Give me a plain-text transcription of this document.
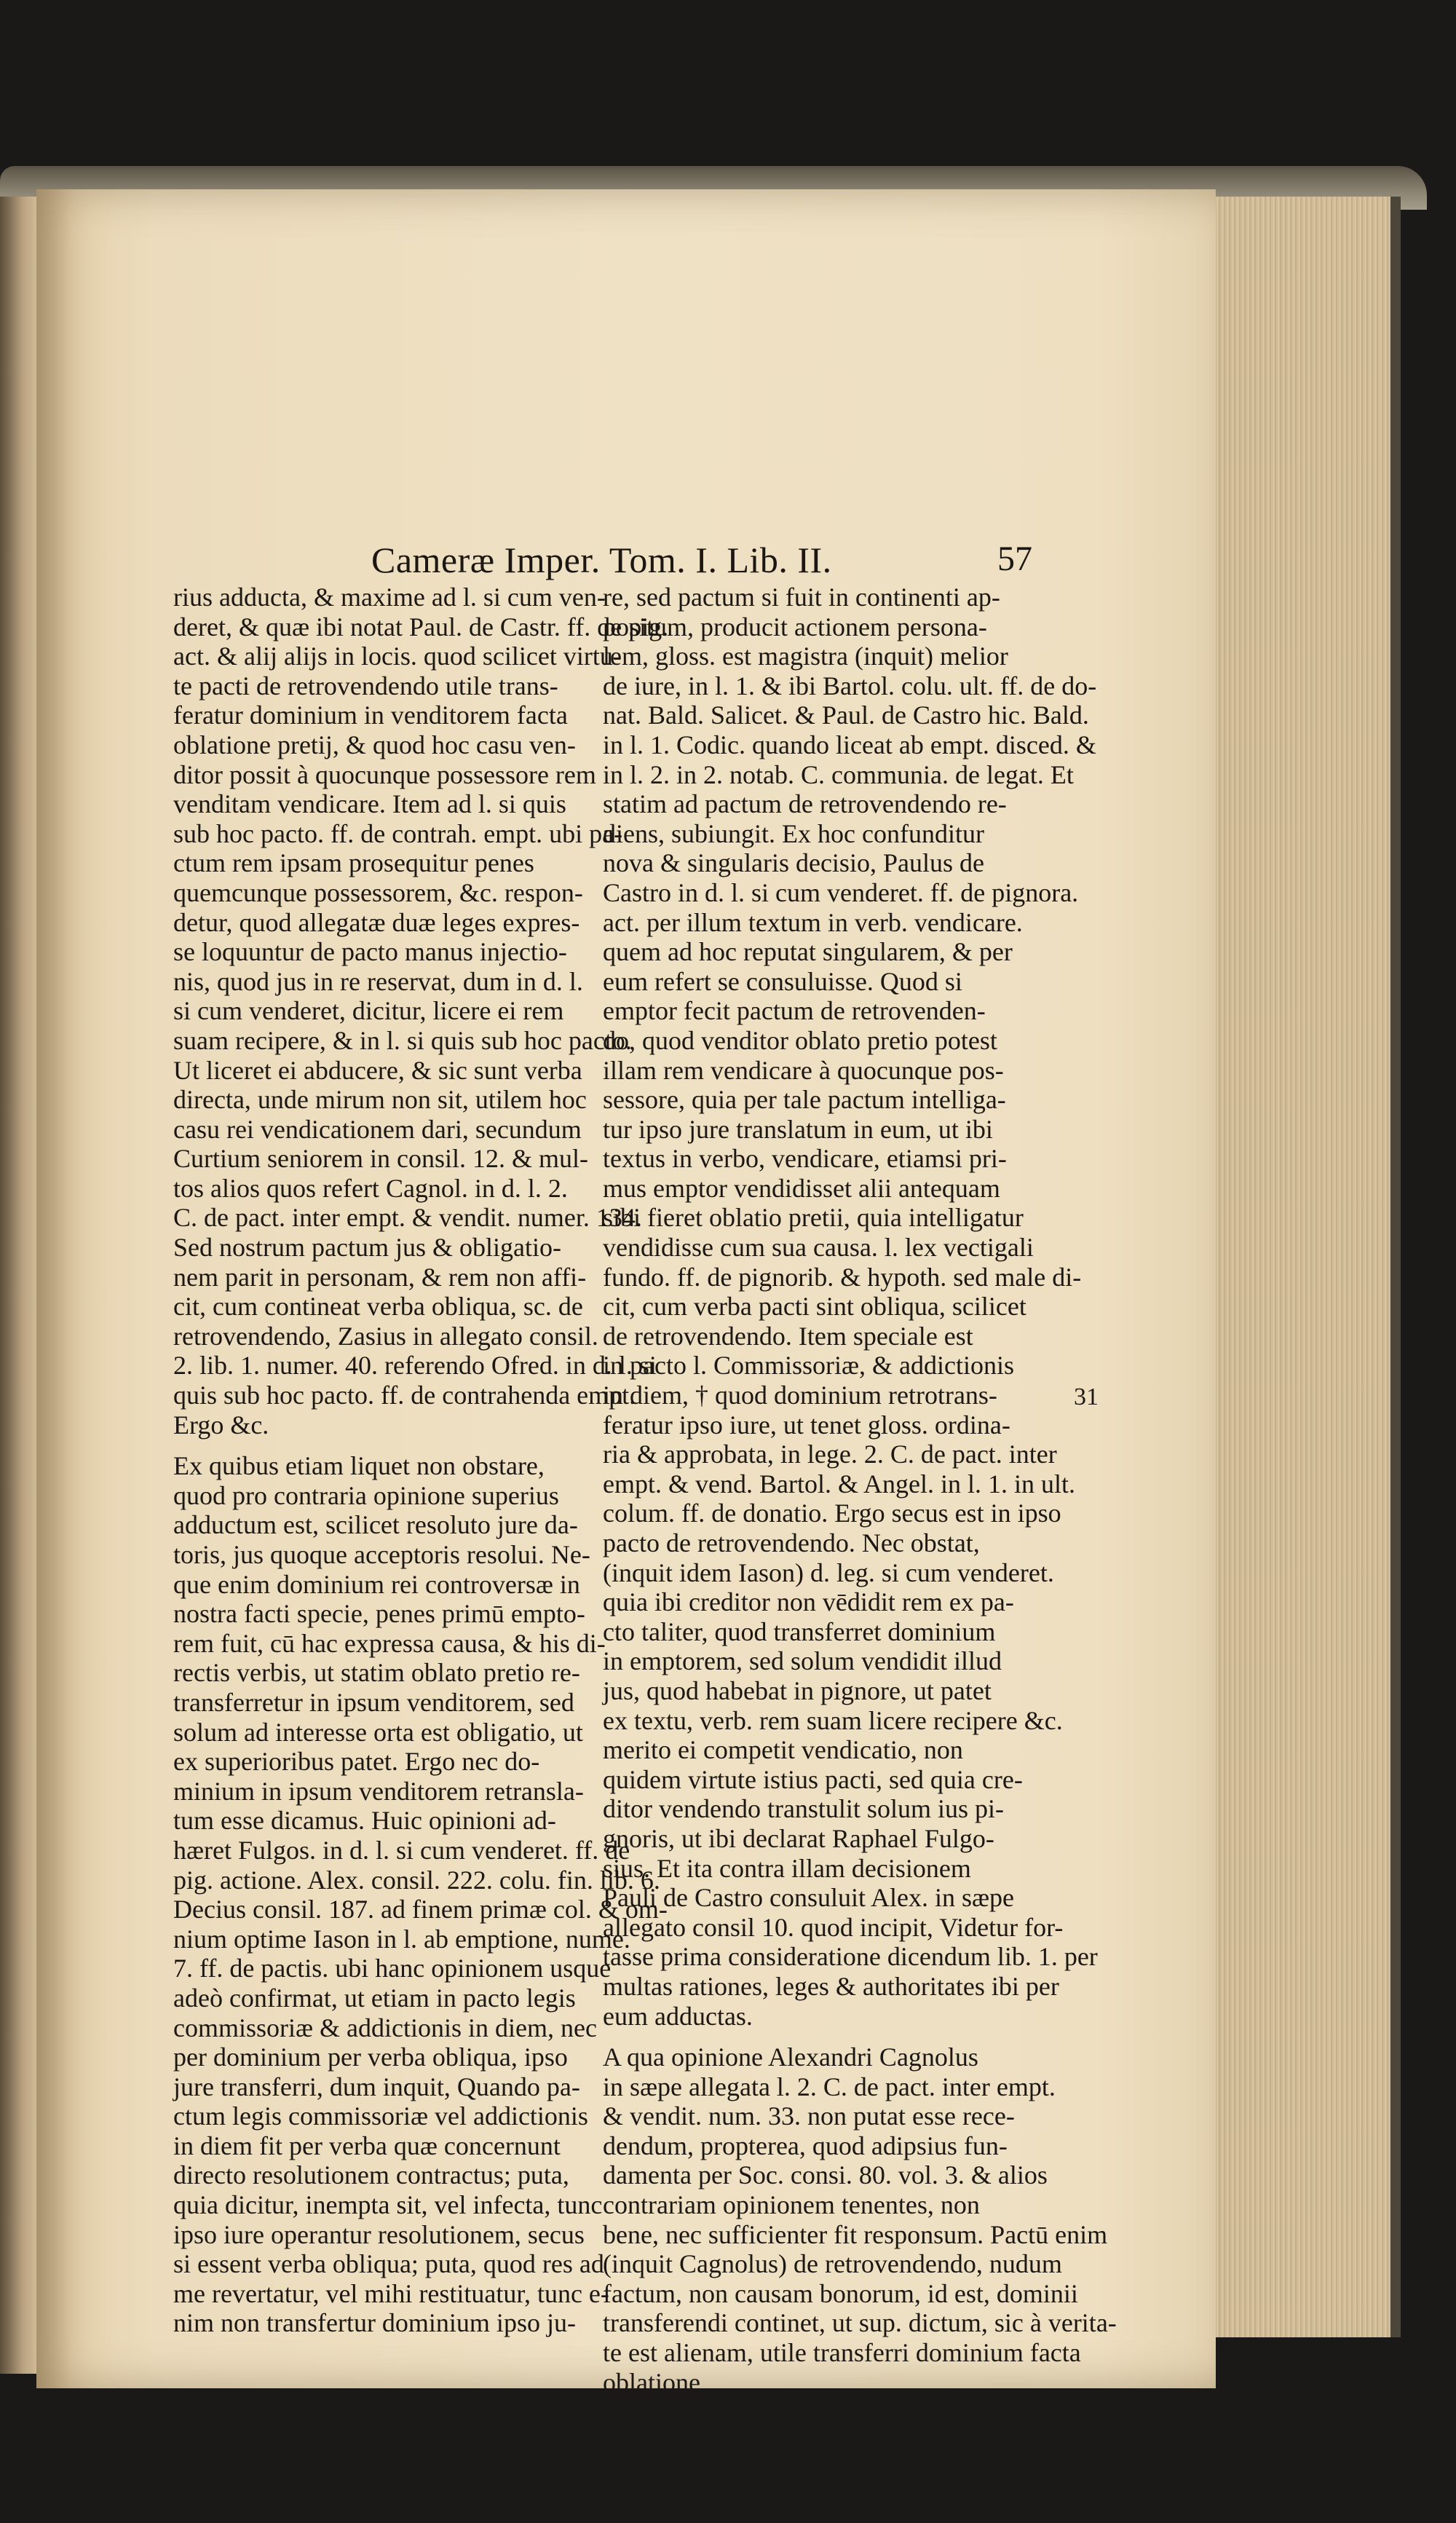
Cameræ Imper. Tom. I. Lib. II.	57
rius adducta, & maxime ad l. si cum ven-
deret, & quæ ibi notat Paul. de Castr. ff. de pig.
act. & alij alijs in locis. quod scilicet virtu-
te pacti de retrovendendo utile trans-
feratur dominium in venditorem facta
oblatione pretij, & quod hoc casu ven-
ditor possit à quocunque possessore rem
venditam vendicare. Item ad l. si quis
sub hoc pacto. ff. de contrah. empt. ubi pa-
ctum rem ipsam prosequitur penes
quemcunque possessorem, &c. respon-
detur, quod allegatæ duæ leges expres-
se loquuntur de pacto manus injectio-
nis, quod jus in re reservat, dum in d. l.
si cum venderet, dicitur, licere ei rem
suam recipere, & in l. si quis sub hoc pacto.
Ut liceret ei abducere, & sic sunt verba
directa, unde mirum non sit, utilem hoc
casu rei vendicationem dari, secundum
Curtium seniorem in consil. 12. & mul-
tos alios quos refert Cagnol. in d. l. 2.
C. de pact. inter empt. & vendit. numer. 134.
Sed nostrum pactum jus & obligatio-
nem parit in personam, & rem non affi-
cit, cum contineat verba obliqua, sc. de
retrovendendo, Zasius in allegato consil.
2. lib. 1. numer. 40. referendo Ofred. in d. l. si
quis sub hoc pacto. ff. de contrahenda empt.
Ergo &c.
Ex quibus etiam liquet non obstare,
quod pro contraria opinione superius
adductum est, scilicet resoluto jure da-
toris, jus quoque acceptoris resolui. Ne-
que enim dominium rei controversæ in
nostra facti specie, penes primū empto-
rem fuit, cū hac expressa causa, & his di-
rectis verbis, ut statim oblato pretio re-
transferretur in ipsum venditorem, sed
solum ad interesse orta est obligatio, ut
ex superioribus patet. Ergo nec do-
minium in ipsum venditorem retransla-
tum esse dicamus. Huic opinioni ad-
hæret Fulgos. in d. l. si cum venderet. ff. de
pig. actione. Alex. consil. 222. colu. fin. lib. 6.
Decius consil. 187. ad finem primæ col. & om-
nium optime Iason in l. ab emptione, nume.
7. ff. de pactis. ubi hanc opinionem usque
adeò confirmat, ut etiam in pacto legis
commissoriæ & addictionis in diem, nec
per dominium per verba obliqua, ipso
jure transferri, dum inquit, Quando pa-
ctum legis commissoriæ vel addictionis
in diem fit per verba quæ concernunt
directo resolutionem contractus; puta,
quia dicitur, inempta sit, vel infecta, tunc
ipso iure operantur resolutionem, secus
si essent verba obliqua; puta, quod res ad
me revertatur, vel mihi restituatur, tunc e-
nim non transfertur dominium ipso ju-
re, sed pactum si fuit in continenti ap-
positum, producit actionem persona-
lem, gloss. est magistra (inquit) melior
de iure, in l. 1. & ibi Bartol. colu. ult. ff. de do-
nat. Bald. Salicet. & Paul. de Castro hic. Bald.
in l. 1. Codic. quando liceat ab empt. disced. &
in l. 2. in 2. notab. C. communia. de legat. Et
statim ad pactum de retrovendendo re-
diens, subiungit. Ex hoc confunditur
nova & singularis decisio, Paulus de
Castro in d. l. si cum venderet. ff. de pignora.
act. per illum textum in verb. vendicare.
quem ad hoc reputat singularem, & per
eum refert se consuluisse. Quod si
emptor fecit pactum de retrovenden-
do, quod venditor oblato pretio potest
illam rem vendicare à quocunque pos-
sessore, quia per tale pactum intelliga-
tur ipso jure translatum in eum, ut ibi
textus in verbo, vendicare, etiamsi pri-
mus emptor vendidisset alii antequam
sibi fieret oblatio pretii, quia intelligatur
vendidisse cum sua causa. l. lex vectigali
fundo. ff. de pignorib. & hypoth. sed male di-
cit, cum verba pacti sint obliqua, scilicet
de retrovendendo. Item speciale est
in pacto l. Commissoriæ, & addictionis
in diem, † quod dominium retrotrans-
feratur ipso iure, ut tenet gloss. ordina-
ria & approbata, in lege. 2. C. de pact. inter
empt. & vend. Bartol. & Angel. in l. 1. in ult.
colum. ff. de donatio. Ergo secus est in ipso
pacto de retrovendendo. Nec obstat,
(inquit idem Iason) d. leg. si cum venderet.
quia ibi creditor non vēdidit rem ex pa-
cto taliter, quod transferret dominium
in emptorem, sed solum vendidit illud
jus, quod habebat in pignore, ut patet
ex textu, verb. rem suam licere recipere &c.
merito ei competit vendicatio, non
quidem virtute istius pacti, sed quia cre-
ditor vendendo transtulit solum ius pi-
gnoris, ut ibi declarat Raphael Fulgo-
sius. Et ita contra illam decisionem
Pauli de Castro consuluit Alex. in sæpe
allegato consil 10. quod incipit, Videtur for-
tasse prima consideratione dicendum lib. 1. per
multas rationes, leges & authoritates ibi per
eum adductas.
A qua opinione Alexandri Cagnolus
in sæpe allegata l. 2. C. de pact. inter empt.
& vendit. num. 33. non putat esse rece-
dendum, propterea, quod adipsius fun-
damenta per Soc. consi. 80. vol. 3. & alios
contrariam opinionem tenentes, non
bene, nec sufficienter fit responsum. Pactū enim
(inquit Cagnolus) de retrovendendo, nudum
factum, non causam bonorum, id est, dominii
transferendi continet, ut sup. dictum, sic à verita-
te est alienam, utile transferri dominium facta
oblatione
31
